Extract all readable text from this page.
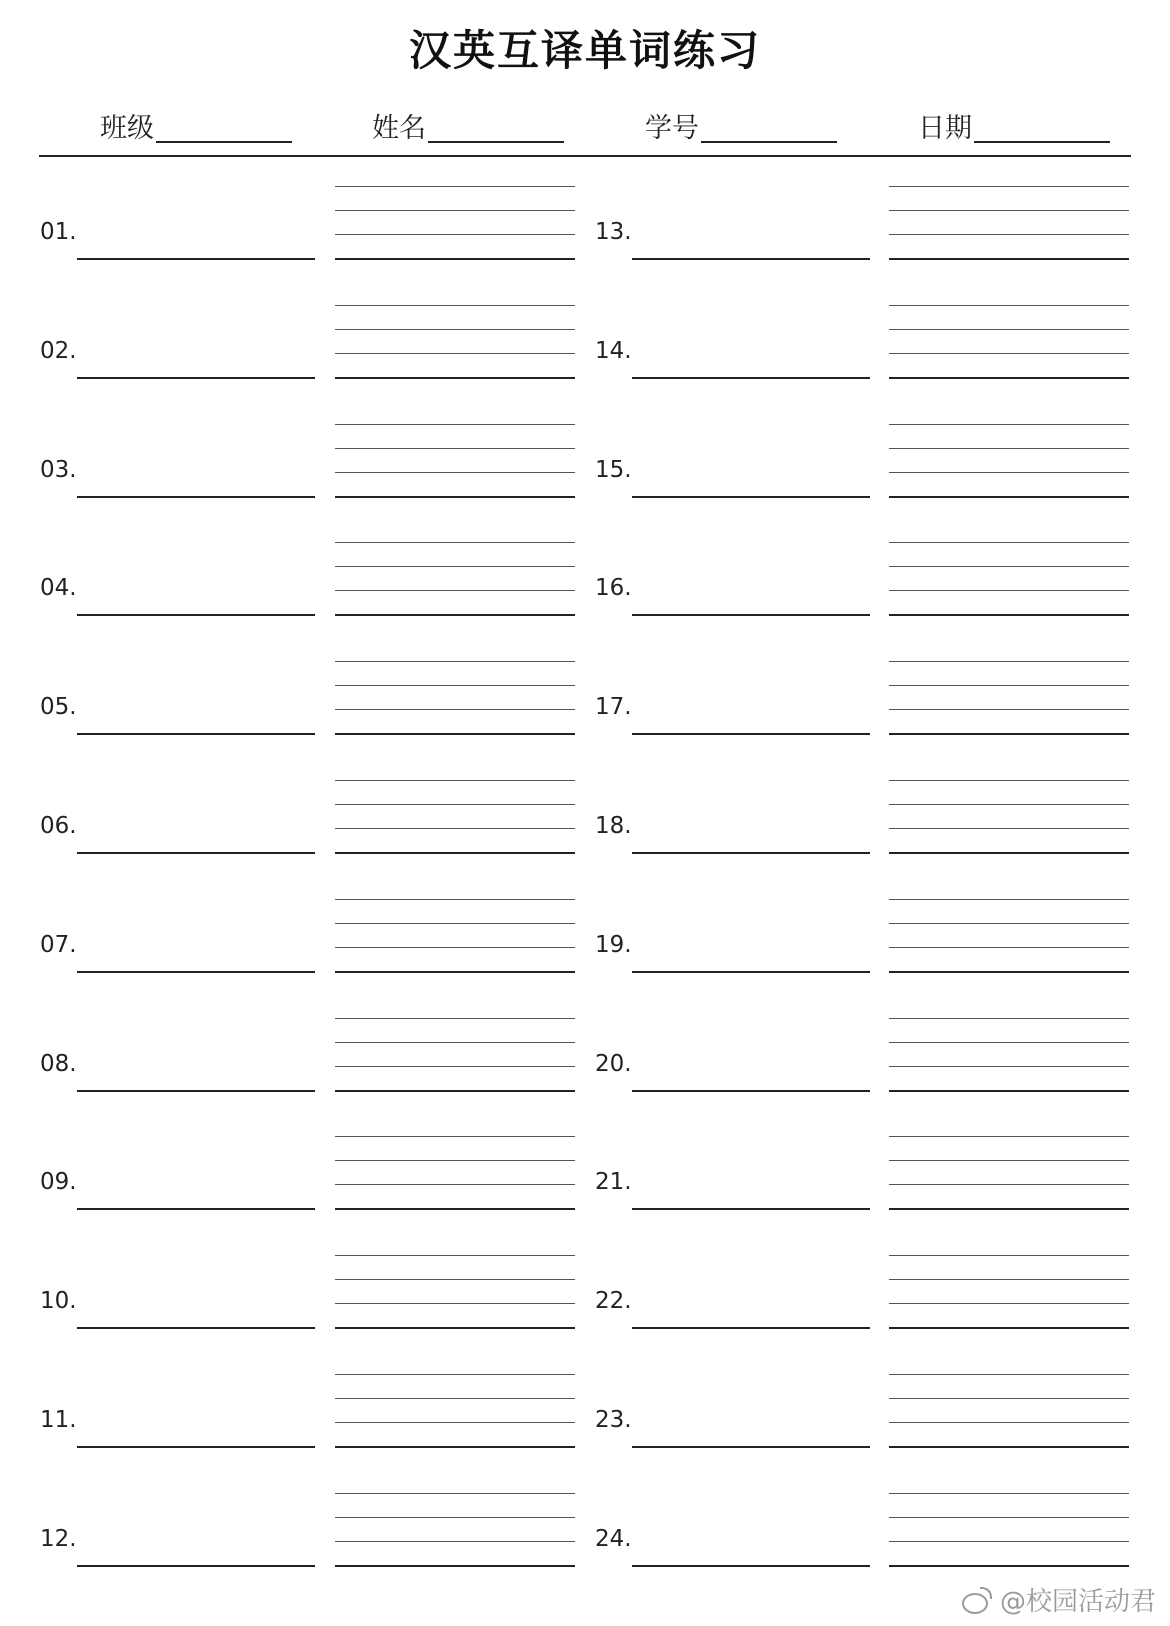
汉英互译单词练习
班级	姓名	学号	日期
01.
02.
03.
04.
05.
06.
07.
08.
09.
10.
11.
12.
13.
14.
15.
16.
17.
18.
19.
20.
21.
22.
23.
24.
@校园活动君
